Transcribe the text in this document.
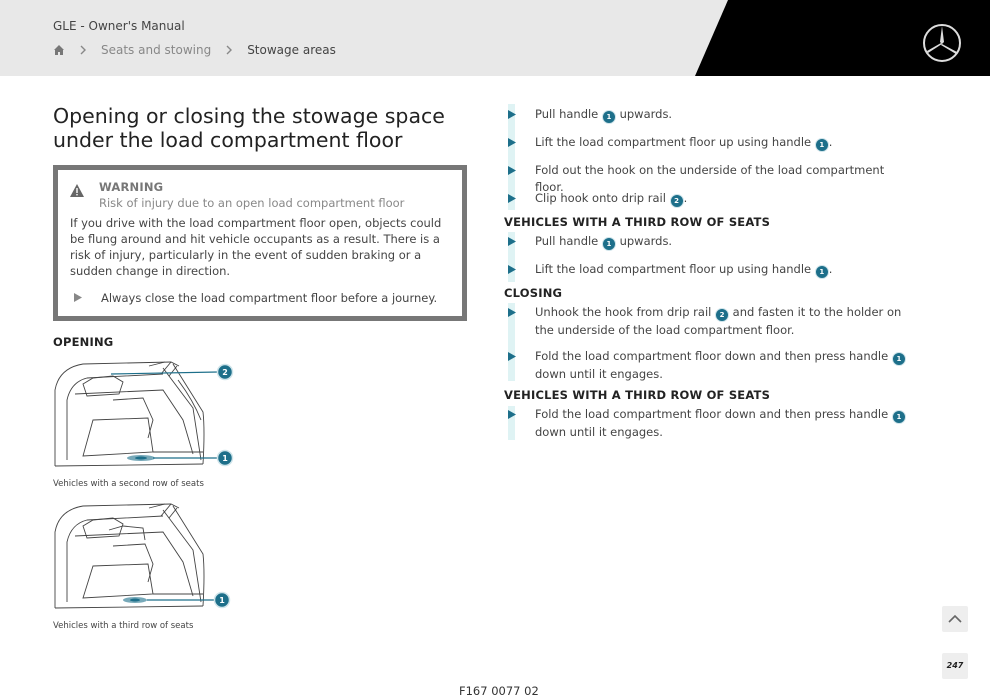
GLE - Owner's Manual
Seats and stowing	Stowage areas
Opening or closing the stowage space under the load compartment floor
WARNING
Risk of injury due to an open load compartment floor
If you drive with the load compartment floor open, objects could be flung around and hit vehicle occupants as a result. There is a risk of injury, particularly in the event of sudden braking or a sudden change in direction.
Always close the load compartment floor before a journey.
OPENING
2
1
Vehicles with a second row of seats
1
Vehicles with a third row of seats
Pull handle 1 upwards.
Lift the load compartment floor up using handle 1 .
Fold out the hook on the underside of the load compartment floor.
Clip hook onto drip rail 2 .
VEHICLES WITH A THIRD ROW OF SEATS
Pull handle 1 upwards.
Lift the load compartment floor up using handle 1 .
CLOSING
Unhook the hook from drip rail 2 and fasten it to the holder on the underside of the load compartment floor.
Fold the load compartment floor down and then press handle 1 down until it engages.
VEHICLES WITH A THIRD ROW OF SEATS
Fold the load compartment floor down and then press handle 1 down until it engages.
F167 0077 02
247
